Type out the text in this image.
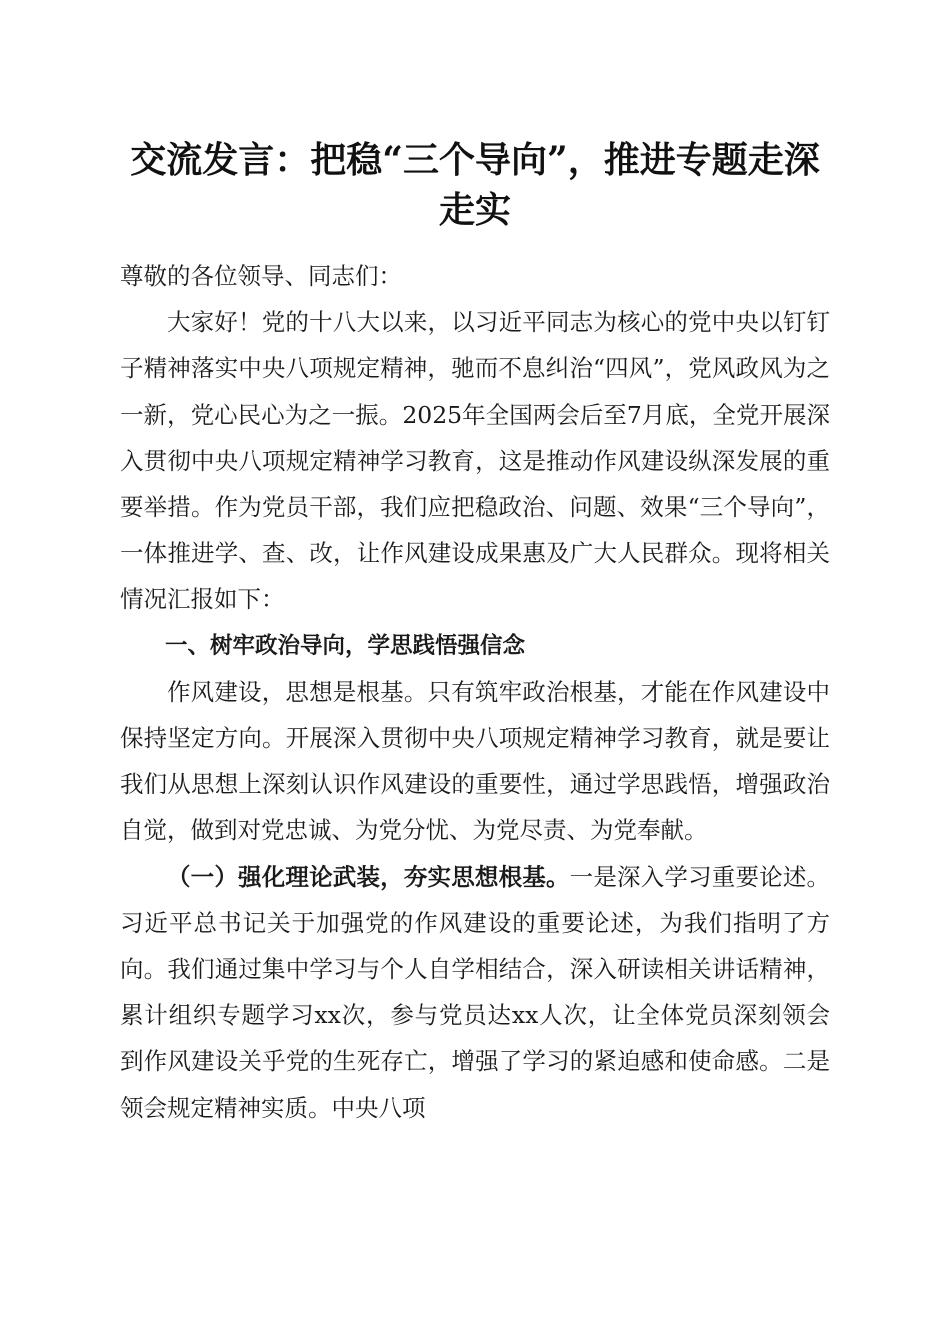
交流发言：把稳“三个导向”，推进专题走深
走实

尊敬的各位领导、同志们：

大家好！党的十八大以来，以习近平同志为核心的党中央以钉钉子精神落实中央八项规定精神，驰而不息纠治“四风”，党风政风为之一新，党心民心为之一振。2025年全国两会后至7月底，全党开展深入贯彻中央八项规定精神学习教育，这是推动作风建设纵深发展的重要举措。作为党员干部，我们应把稳政治、问题、效果“三个导向”，一体推进学、查、改，让作风建设成果惠及广大人民群众。现将相关情况汇报如下：

一、树牢政治导向，学思践悟强信念

作风建设，思想是根基。只有筑牢政治根基，才能在作风建设中保持坚定方向。开展深入贯彻中央八项规定精神学习教育，就是要让我们从思想上深刻认识作风建设的重要性，通过学思践悟，增强政治自觉，做到对党忠诚、为党分忧、为党尽责、为党奉献。

（一）强化理论武装，夯实思想根基。一是深入学习重要论述。习近平总书记关于加强党的作风建设的重要论述，为我们指明了方向。我们通过集中学习与个人自学相结合，深入研读相关讲话精神，累计组织专题学习xx次，参与党员达xx人次，让全体党员深刻领会到作风建设关乎党的生死存亡，增强了学习的紧迫感和使命感。二是领会规定精神实质。中央八项
